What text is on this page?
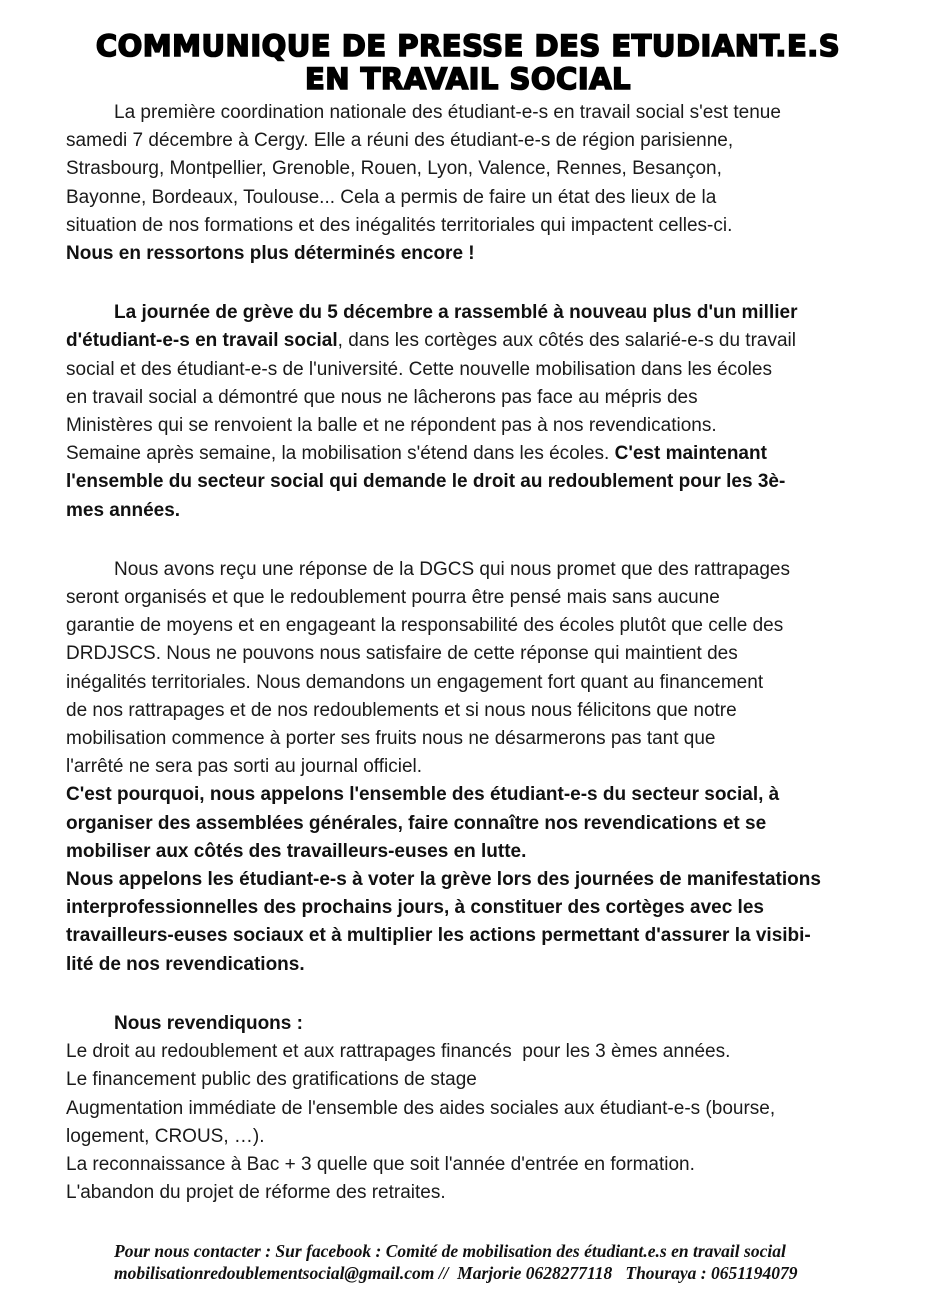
COMMUNIQUE DE PRESSE DES ETUDIANT.E.S
EN TRAVAIL SOCIAL
La première coordination nationale des étudiant-e-s en travail social s'est tenue
samedi 7 décembre à Cergy. Elle a réuni des étudiant-e-s de région parisienne,
Strasbourg, Montpellier, Grenoble, Rouen, Lyon, Valence, Rennes, Besançon,
Bayonne, Bordeaux, Toulouse... Cela a permis de faire un état des lieux de la
situation de nos formations et des inégalités territoriales qui impactent celles-ci.
Nous en ressortons plus déterminés encore !
La journée de grève du 5 décembre a rassemblé à nouveau plus d'un millier
d'étudiant-e-s en travail social, dans les cortèges aux côtés des salarié-e-s du travail
social et des étudiant-e-s de l'université. Cette nouvelle mobilisation dans les écoles
en travail social a démontré que nous ne lâcherons pas face au mépris des
Ministères qui se renvoient la balle et ne répondent pas à nos revendications.
Semaine après semaine, la mobilisation s'étend dans les écoles. C'est maintenant
l'ensemble du secteur social qui demande le droit au redoublement pour les 3è-
mes années.
Nous avons reçu une réponse de la DGCS qui nous promet que des rattrapages
seront organisés et que le redoublement pourra être pensé mais sans aucune
garantie de moyens et en engageant la responsabilité des écoles plutôt que celle des
DRDJSCS. Nous ne pouvons nous satisfaire de cette réponse qui maintient des
inégalités territoriales. Nous demandons un engagement fort quant au financement
de nos rattrapages et de nos redoublements et si nous nous félicitons que notre
mobilisation commence à porter ses fruits nous ne désarmerons pas tant que
l'arrêté ne sera pas sorti au journal officiel.
C'est pourquoi, nous appelons l'ensemble des étudiant-e-s du secteur social, à
organiser des assemblées générales, faire connaître nos revendications et se
mobiliser aux côtés des travailleurs-euses en lutte.
Nous appelons les étudiant-e-s à voter la grève lors des journées de manifestations
interprofessionnelles des prochains jours, à constituer des cortèges avec les
travailleurs-euses sociaux et à multiplier les actions permettant d'assurer la visibi-
lité de nos revendications.
Nous revendiquons :
Le droit au redoublement et aux rattrapages financés  pour les 3 èmes années.
Le financement public des gratifications de stage
Augmentation immédiate de l'ensemble des aides sociales aux étudiant-e-s (bourse,
logement, CROUS, …).
La reconnaissance à Bac + 3 quelle que soit l'année d'entrée en formation.
L'abandon du projet de réforme des retraites.
Pour nous contacter : Sur facebook : Comité de mobilisation des étudiant.e.s en travail social
mobilisationredoublementsocial@gmail.com //  Marjorie 0628277118   Thouraya : 0651194079
